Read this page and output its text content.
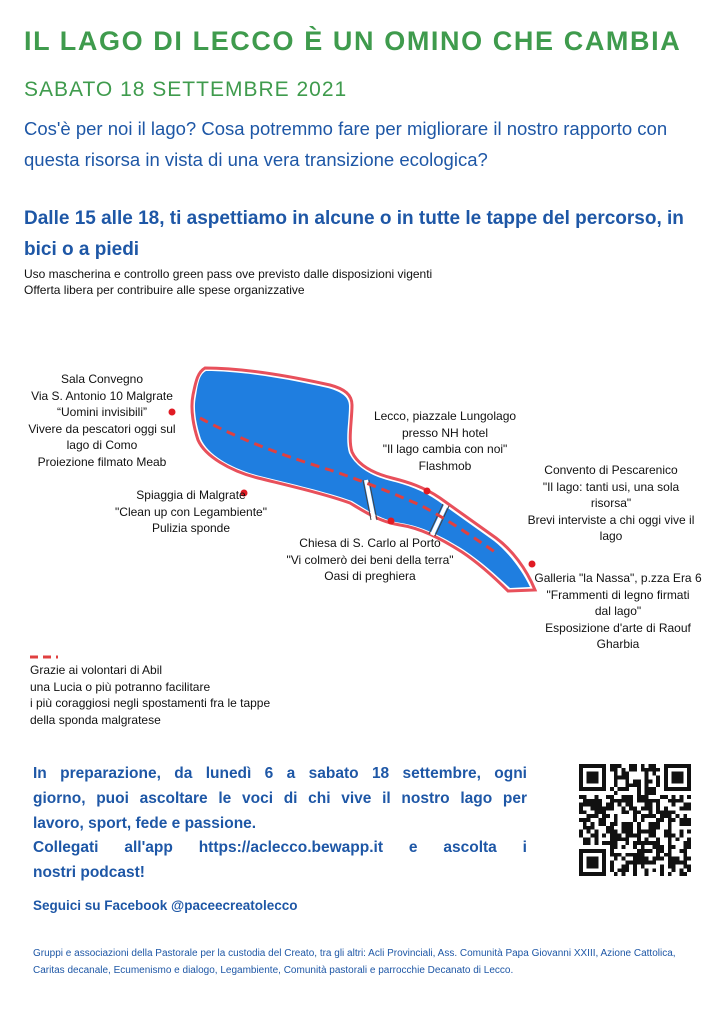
IL LAGO DI LECCO È UN OMINO CHE CAMBIA
SABATO 18 SETTEMBRE 2021
Cos'è per noi il lago? Cosa potremmo fare per migliorare il nostro rapporto con questa risorsa in vista di una vera transizione ecologica?
Dalle 15 alle 18, ti aspettiamo in alcune o in tutte le tappe del percorso, in bici o a piedi
Uso mascherina e controllo green pass ove previsto dalle disposizioni vigenti
Offerta libera per contribuire alle spese organizzative
Sala Convegno
Via S. Antonio 10 Malgrate
“Uomini invisibili”
Vivere da pescatori oggi sul
lago di Como
Proiezione filmato Meab
Lecco, piazzale Lungolago
presso NH hotel
"Il lago cambia con noi"
Flashmob	Convento di Pescarenico
"Il lago: tanti usi, una sola
risorsa"
Brevi interviste a chi oggi vive il
lago
Spiaggia di Malgrate
"Clean up con Legambiente"
Pulizia sponde
Chiesa di S. Carlo al Porto
"Vi colmerò dei beni della terra"
Oasi di preghiera	Galleria "la Nassa", p.zza Era 6
"Frammenti di legno firmati
dal lago"
Esposizione d'arte di Raouf
Gharbia
Grazie ai volontari di Abil
una Lucia o più potranno facilitare
i più coraggiosi negli spostamenti fra le tappe
della sponda malgratese
In preparazione, da lunedì 6 a sabato 18 settembre, ogni
giorno, puoi ascoltare le voci di chi vive il nostro lago per
lavoro, sport, fede e passione.
Collegati all'app https://aclecco.bewapp.it e ascolta i
nostri podcast!
Seguici su Facebook @paceecreatolecco
Gruppi e associazioni della Pastorale per la custodia del Creato, tra gli altri: Acli Provinciali, Ass. Comunità Papa Giovanni XXIII, Azione Cattolica, Caritas decanale, Ecumenismo e dialogo, Legambiente, Comunità pastorali e parrocchie Decanato di Lecco.
